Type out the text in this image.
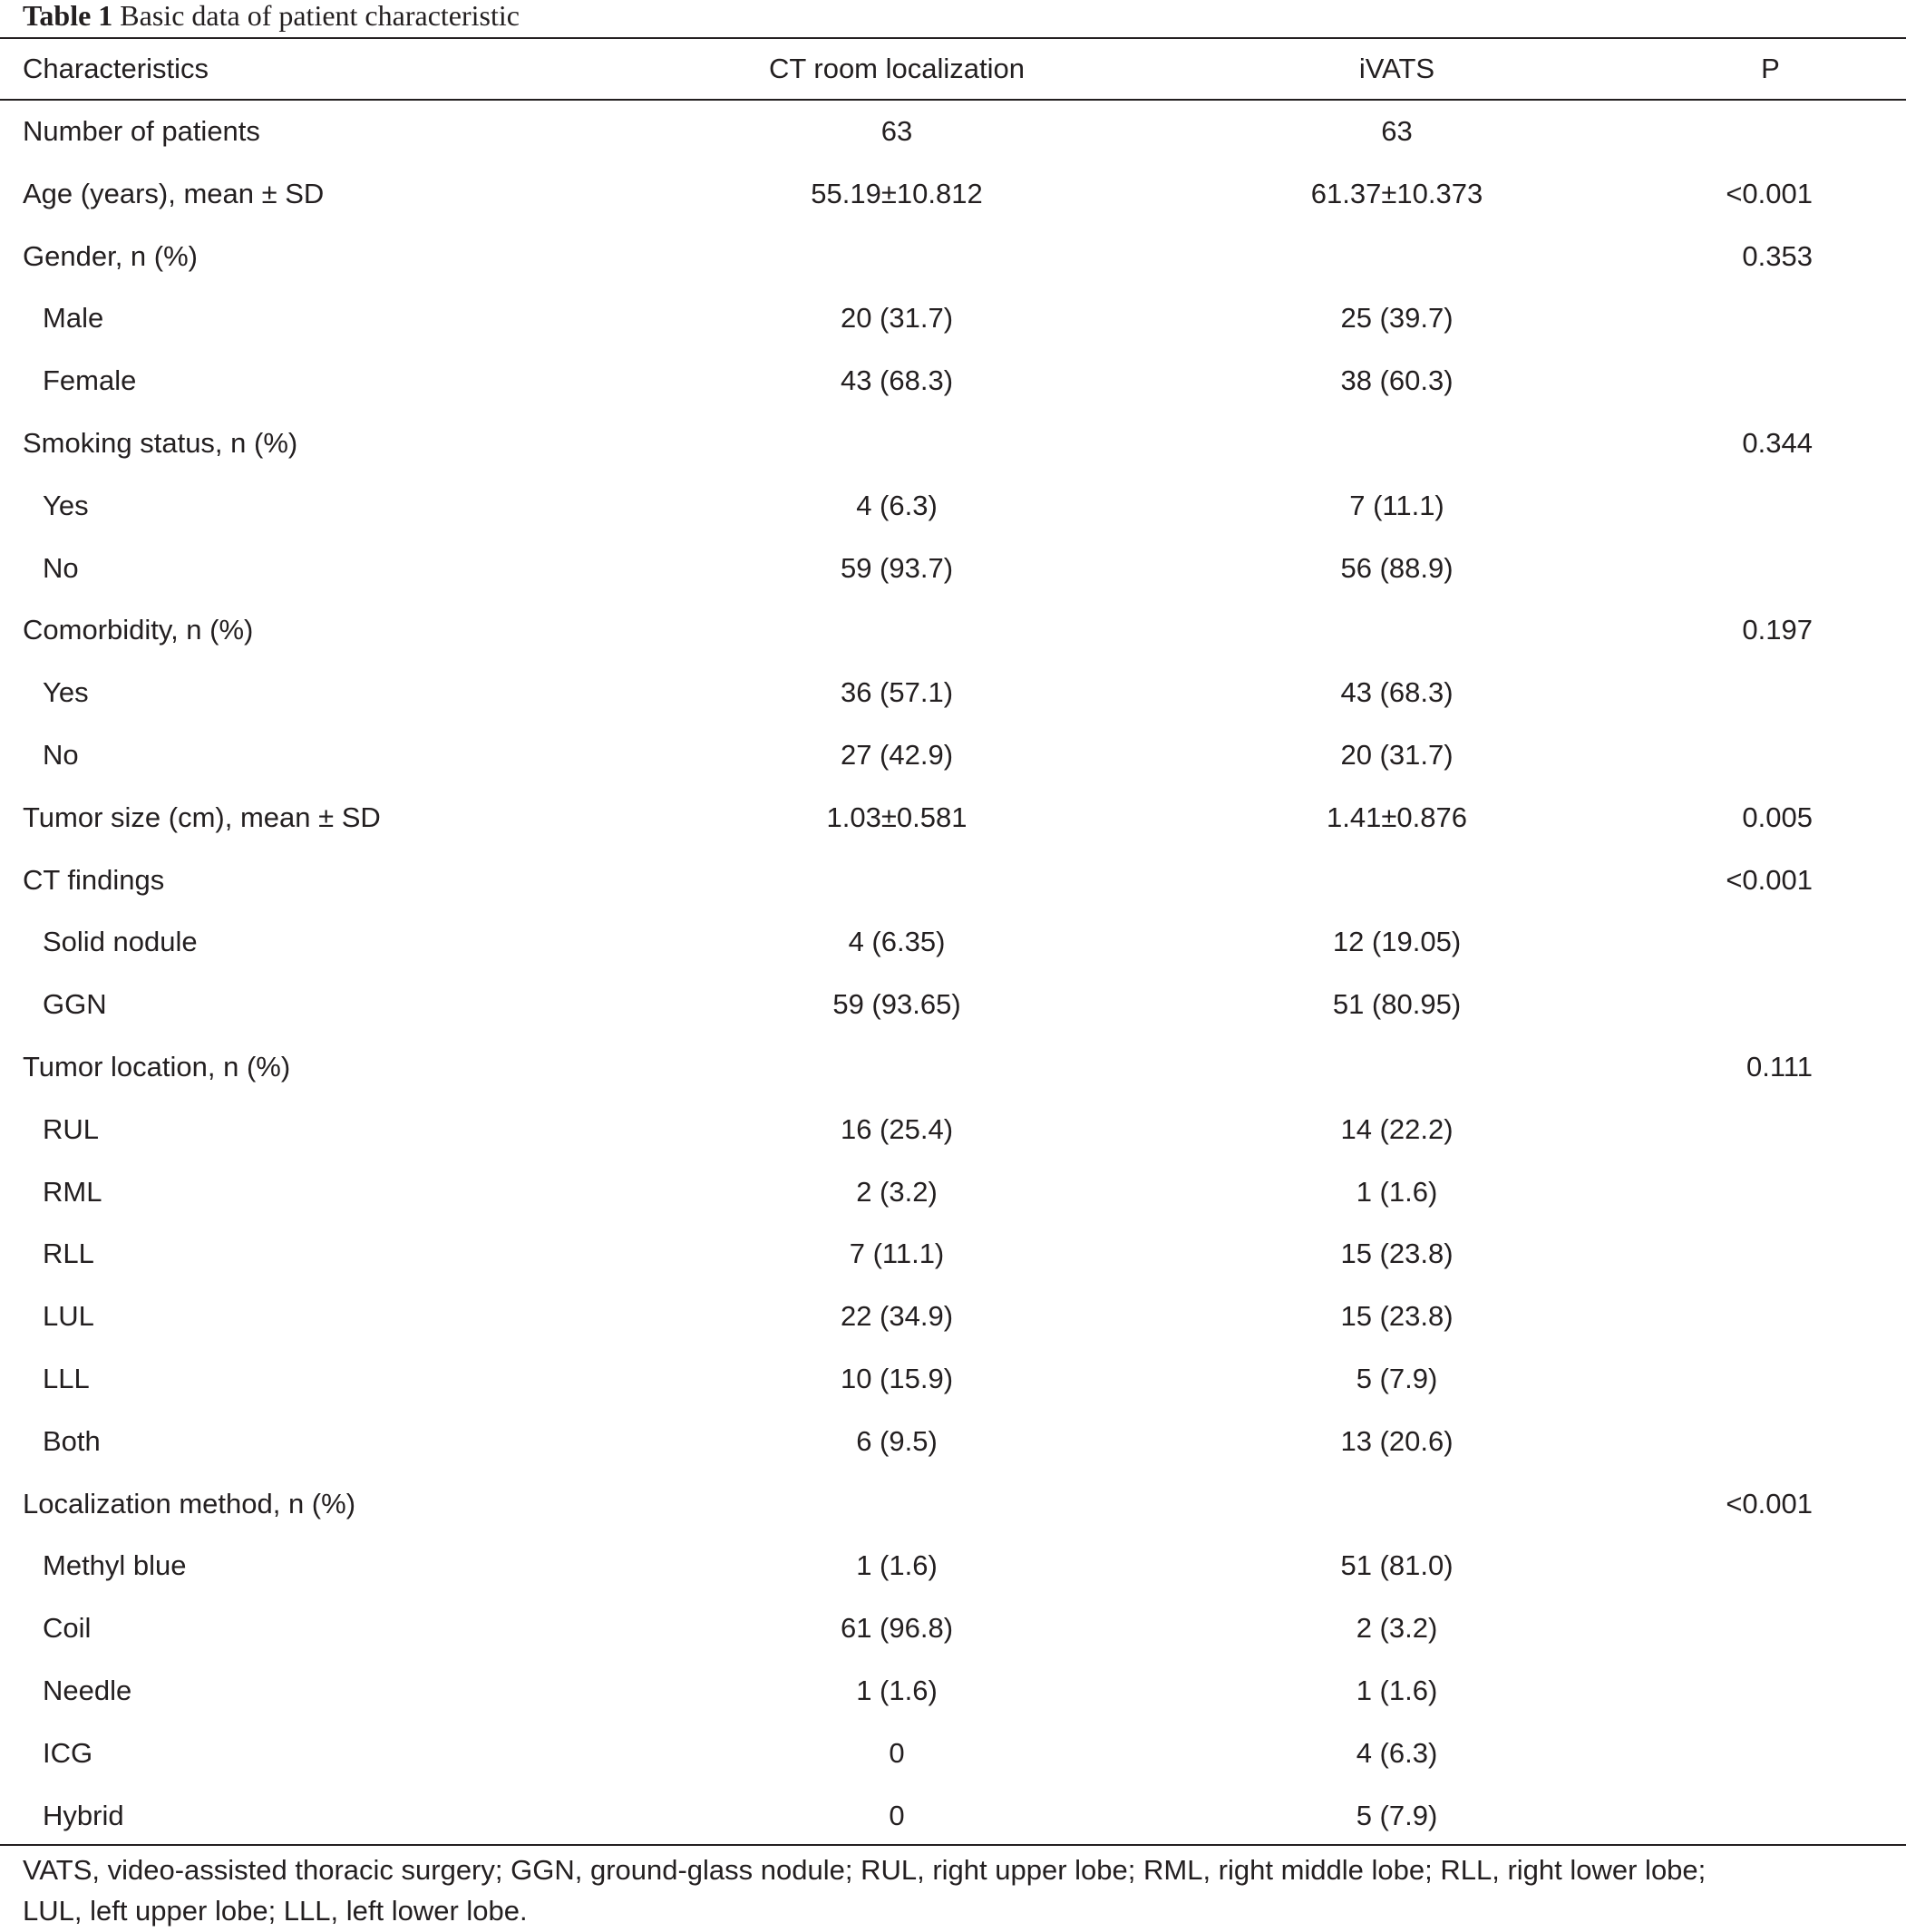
Table 1 Basic data of patient characteristic
Characteristics	CT room localization	iVATS	P
Number of patients	63	63	
Age (years), mean ± SD	55.19±10.812	61.37±10.373	<0.001
Gender, n (%)			0.353
Male	20 (31.7)	25 (39.7)	
Female	43 (68.3)	38 (60.3)	
Smoking status, n (%)			0.344
Yes	4 (6.3)	7 (11.1)	
No	59 (93.7)	56 (88.9)	
Comorbidity, n (%)			0.197
Yes	36 (57.1)	43 (68.3)	
No	27 (42.9)	20 (31.7)	
Tumor size (cm), mean ± SD	1.03±0.581	1.41±0.876	0.005
CT findings			<0.001
Solid nodule	4 (6.35)	12 (19.05)	
GGN	59 (93.65)	51 (80.95)	
Tumor location, n (%)			0.111
RUL	16 (25.4)	14 (22.2)	
RML	2 (3.2)	1 (1.6)	
RLL	7 (11.1)	15 (23.8)	
LUL	22 (34.9)	15 (23.8)	
LLL	10 (15.9)	5 (7.9)	
Both	6 (9.5)	13 (20.6)	
Localization method, n (%)			<0.001
Methyl blue	1 (1.6)	51 (81.0)	
Coil	61 (96.8)	2 (3.2)	
Needle	1 (1.6)	1 (1.6)	
ICG	0	4 (6.3)	
Hybrid	0	5 (7.9)	
VATS, video-assisted thoracic surgery; GGN, ground-glass nodule; RUL, right upper lobe; RML, right middle lobe; RLL, right lower lobe;
LUL, left upper lobe; LLL, left lower lobe.
